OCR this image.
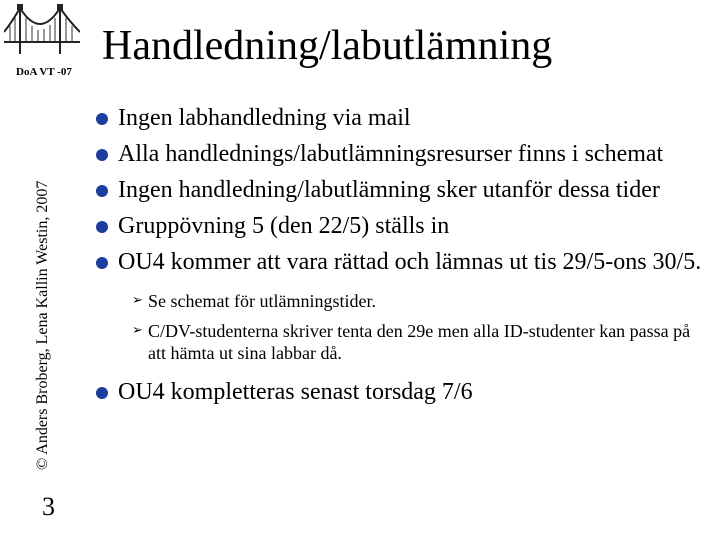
DoA VT -07
© Anders Broberg, Lena Kallin Westin, 2007
3
Handledning/labutlämning
Ingen labhandledning via mail
Alla handlednings/labutlämningsresurser finns i schemat
Ingen handledning/labutlämning sker utanför dessa tider
Gruppövning 5 (den 22/5) ställs in
OU4 kommer att vara rättad och lämnas ut tis 29/5-ons 30/5.
➢ Se schemat för utlämningstider.
➢ C/DV-studenterna skriver tenta den 29e men alla ID-studenter kan passa på att hämta ut sina labbar då.
OU4 kompletteras senast torsdag 7/6
